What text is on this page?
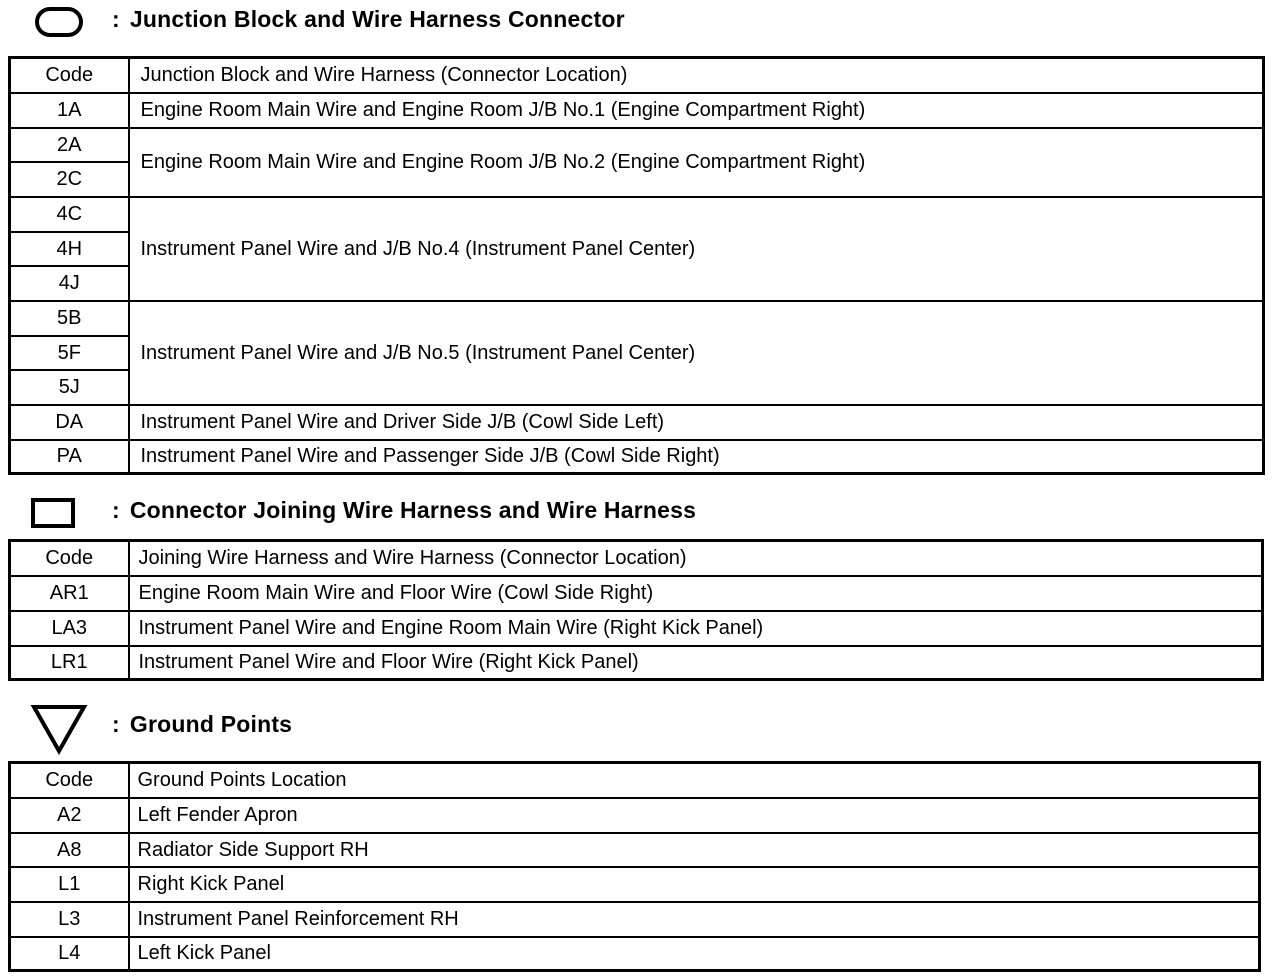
: Junction Block and Wire Harness Connector
Code	Junction Block and Wire Harness (Connector Location)
1A	Engine Room Main Wire and Engine Room J/B No.1 (Engine Compartment Right)
2A	Engine Room Main Wire and Engine Room J/B No.2 (Engine Compartment Right)
2C	
4C	Instrument Panel Wire and J/B No.4 (Instrument Panel Center)
4H	
4J	
5B	Instrument Panel Wire and J/B No.5 (Instrument Panel Center)
5F	
5J	
DA	Instrument Panel Wire and Driver Side J/B (Cowl Side Left)
PA	Instrument Panel Wire and Passenger Side J/B (Cowl Side Right)
: Connector Joining Wire Harness and Wire Harness
Code	Joining Wire Harness and Wire Harness (Connector Location)
AR1	Engine Room Main Wire and Floor Wire (Cowl Side Right)
LA3	Instrument Panel Wire and Engine Room Main Wire (Right Kick Panel)
LR1	Instrument Panel Wire and Floor Wire (Right Kick Panel)
: Ground Points
Code	Ground Points Location
A2	Left Fender Apron
A8	Radiator Side Support RH
L1	Right Kick Panel
L3	Instrument Panel Reinforcement RH
L4	Left Kick Panel
